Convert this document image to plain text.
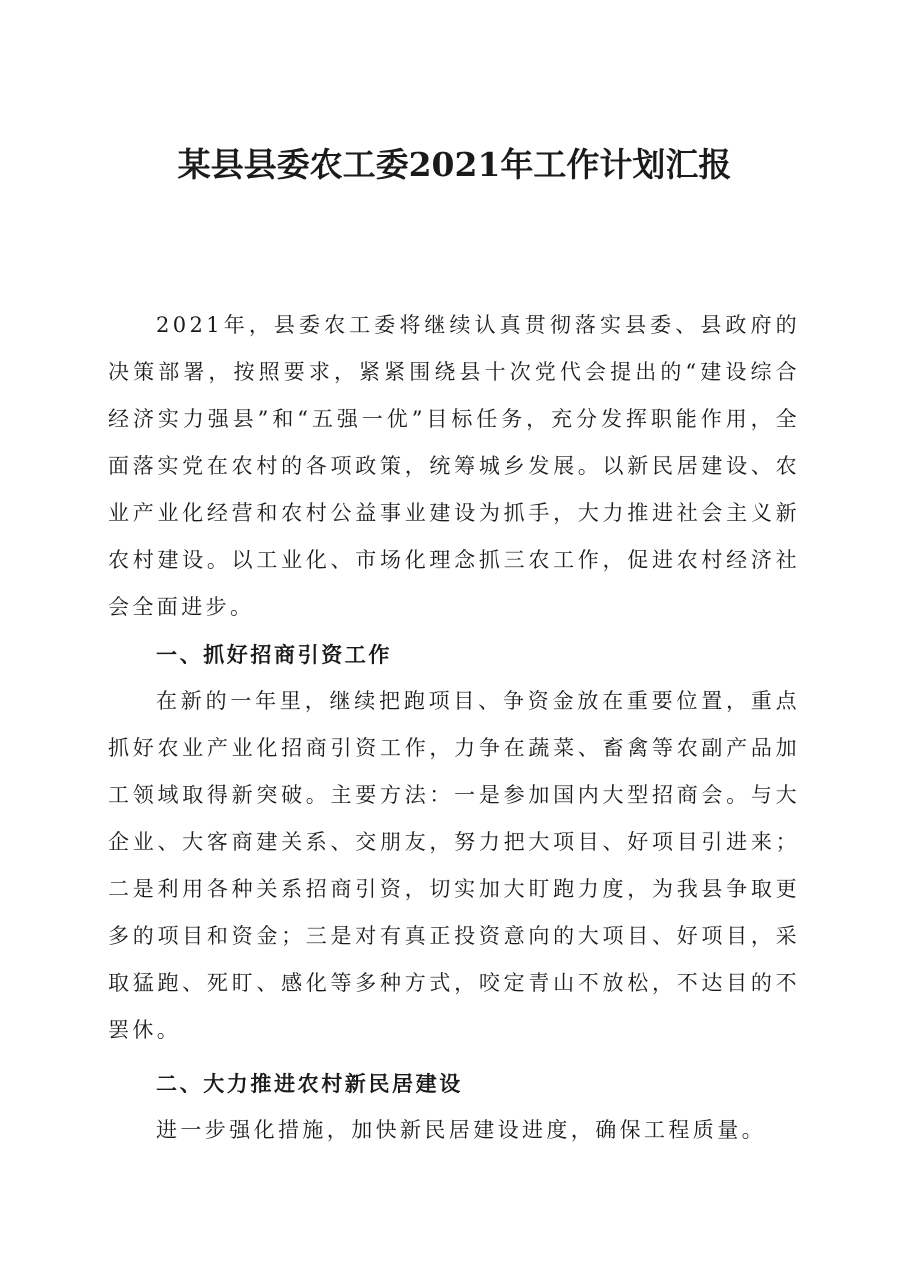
某县县委农工委2021年工作计划汇报

2021年，县委农工委将继续认真贯彻落实县委、县政府的决策部署，按照要求，紧紧围绕县十次党代会提出的“建设综合经济实力强县”和“五强一优”目标任务，充分发挥职能作用，全面落实党在农村的各项政策，统筹城乡发展。以新民居建设、农业产业化经营和农村公益事业建设为抓手，大力推进社会主义新农村建设。以工业化、市场化理念抓三农工作，促进农村经济社会全面进步。

一、抓好招商引资工作

在新的一年里，继续把跑项目、争资金放在重要位置，重点抓好农业产业化招商引资工作，力争在蔬菜、畜禽等农副产品加工领域取得新突破。主要方法：一是参加国内大型招商会。与大企业、大客商建关系、交朋友，努力把大项目、好项目引进来；二是利用各种关系招商引资，切实加大盯跑力度，为我县争取更多的项目和资金；三是对有真正投资意向的大项目、好项目，采取猛跑、死盯、感化等多种方式，咬定青山不放松，不达目的不罢休。

二、大力推进农村新民居建设

进一步强化措施，加快新民居建设进度，确保工程质量。
